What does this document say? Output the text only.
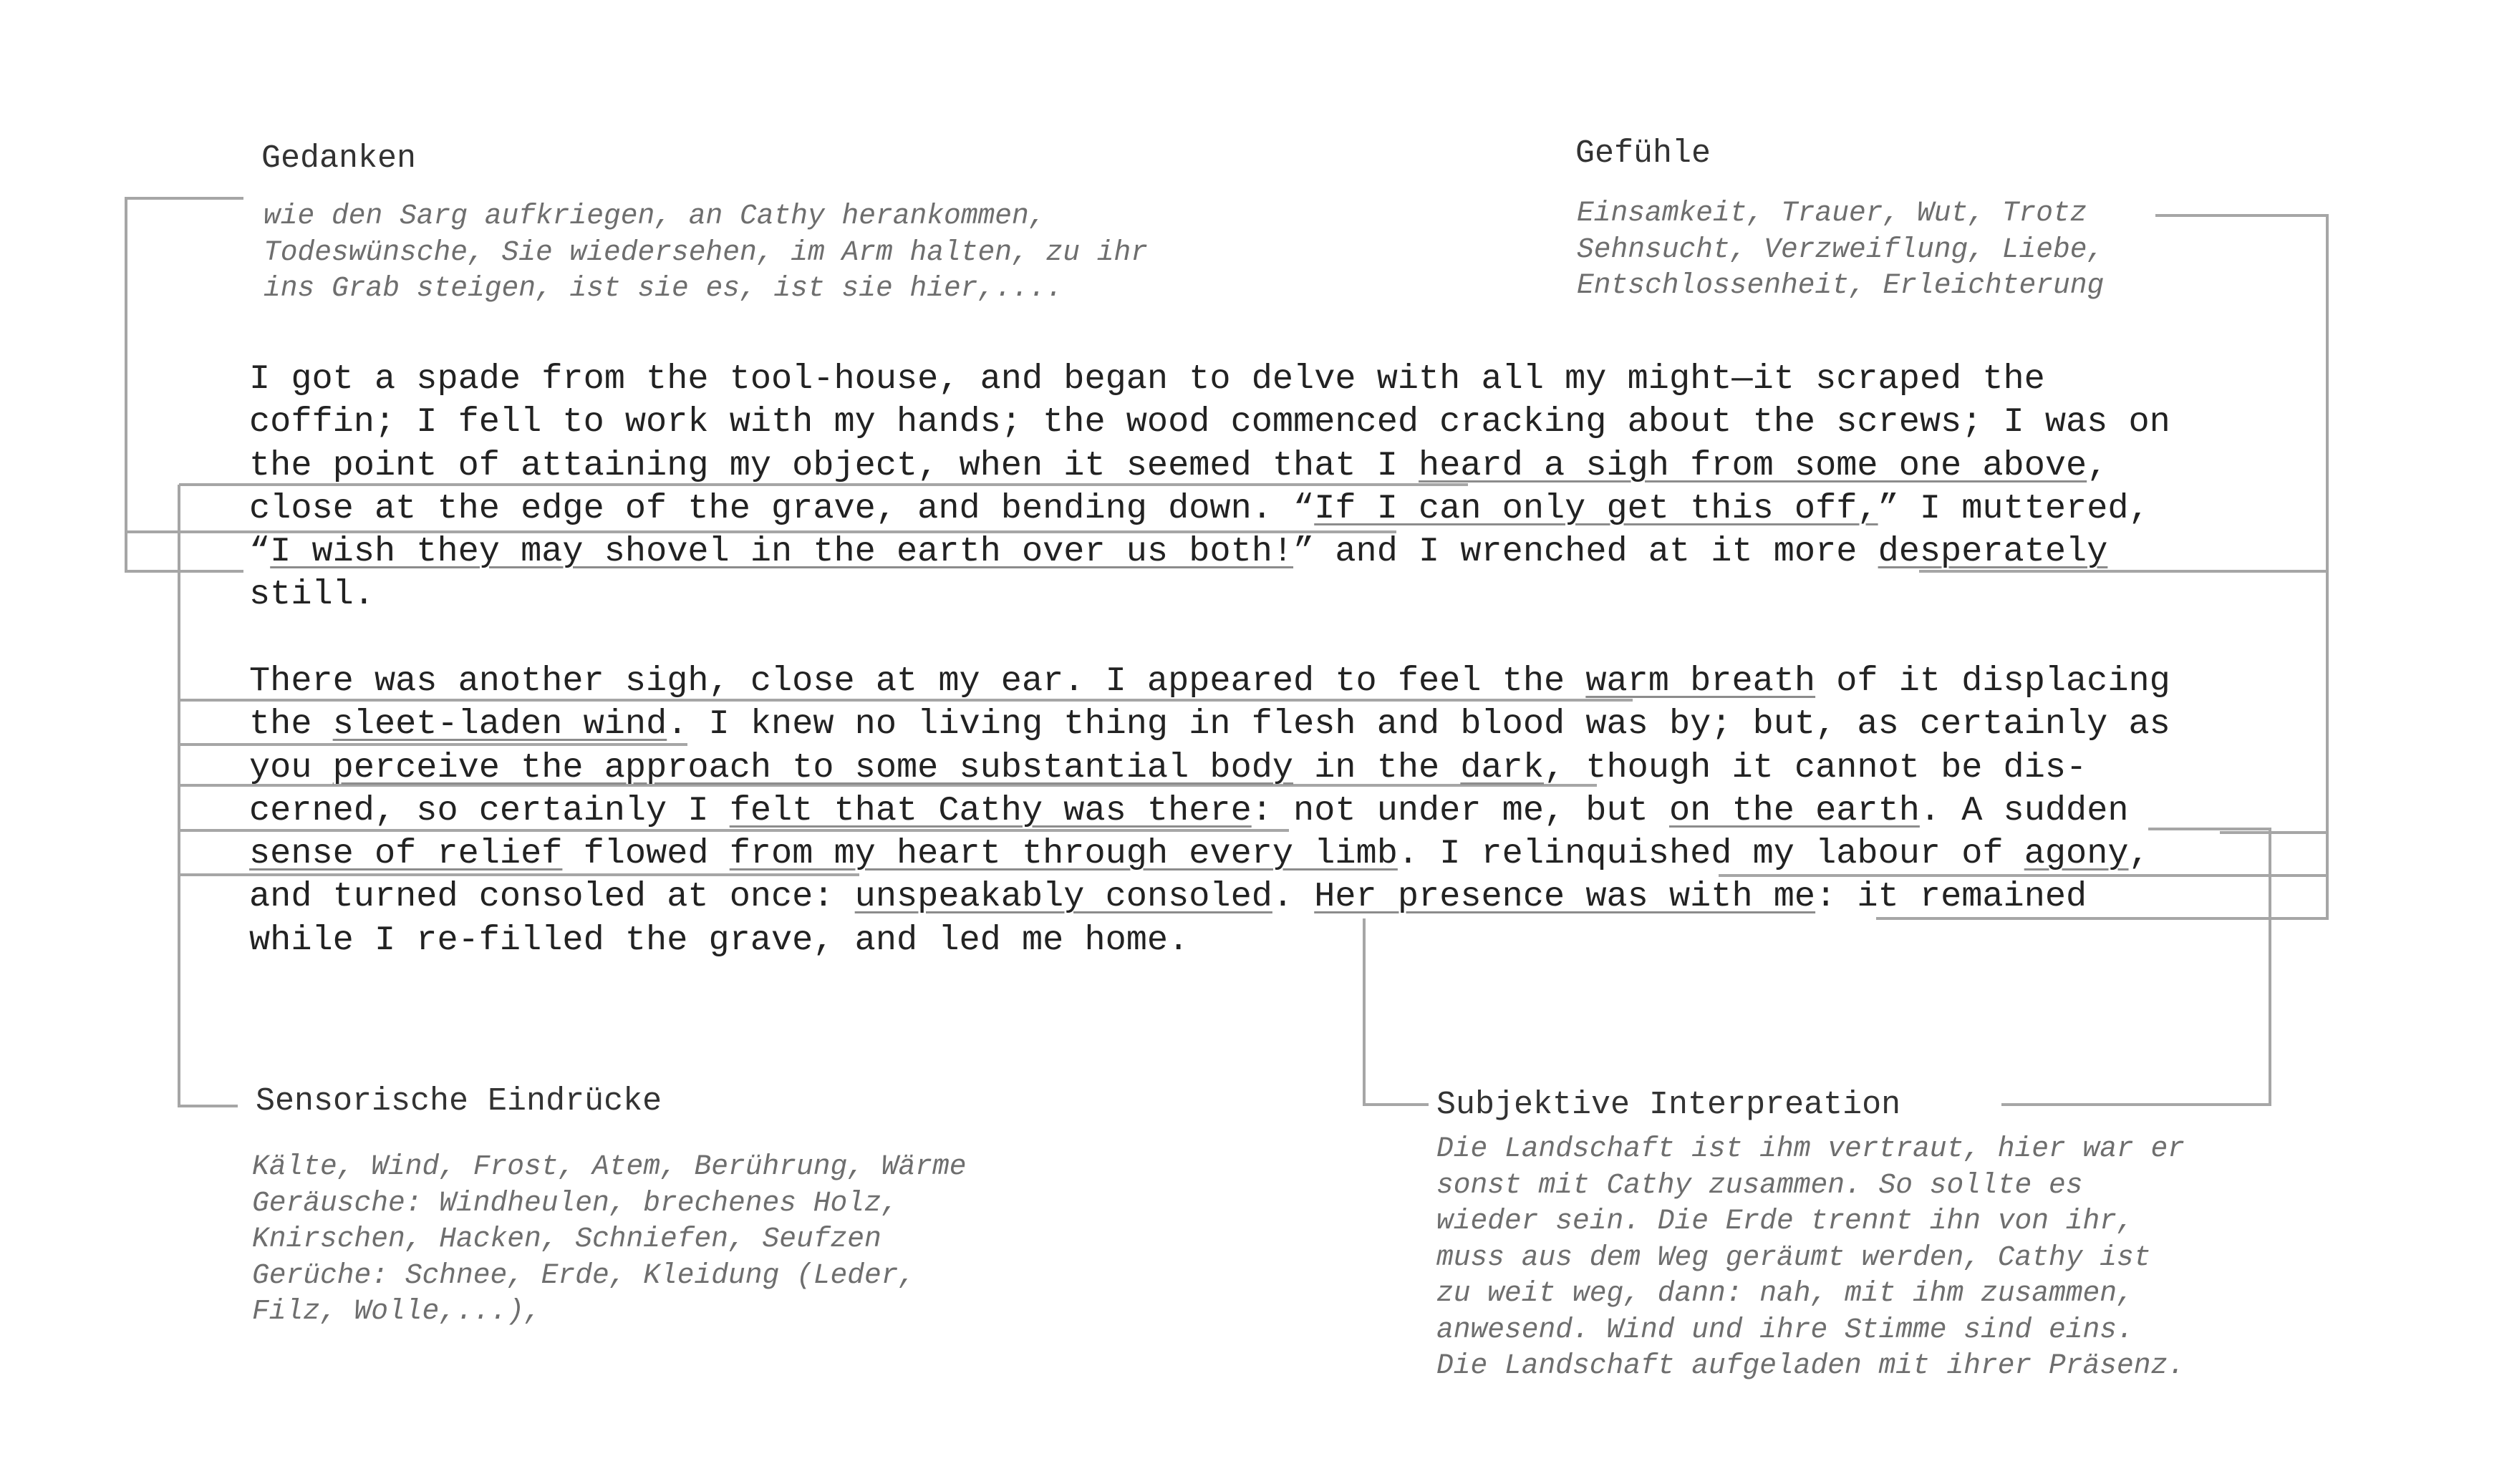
Gedanken
wie den Sarg aufkriegen, an Cathy herankommen,
Todeswünsche, Sie wiedersehen, im Arm halten, zu ihr
ins Grab steigen, ist sie es, ist sie hier,....
Gefühle
Einsamkeit, Trauer, Wut, Trotz
Sehnsucht, Verzweiflung, Liebe,
Entschlossenheit, Erleichterung
I got a spade from the tool-house, and began to delve with all my might—it scraped the
coffin; I fell to work with my hands; the wood commenced cracking about the screws; I was on
the point of attaining my object, when it seemed that I heard a sigh from some one above,
close at the edge of the grave, and bending down. “If I can only get this off,” I muttered,
“I wish they may shovel in the earth over us both!” and I wrenched at it more desperately
still.
There was another sigh, close at my ear. I appeared to feel the warm breath of it displacing
the sleet-laden wind. I knew no living thing in flesh and blood was by; but, as certainly as
you perceive the approach to some substantial body in the dark, though it cannot be dis-
cerned, so certainly I felt that Cathy was there: not under me, but on the earth. A sudden
sense of relief flowed from my heart through every limb. I relinquished my labour of agony,
and turned consoled at once: unspeakably consoled. Her presence was with me: it remained
while I re-filled the grave, and led me home.
Sensorische Eindrücke
Kälte, Wind, Frost, Atem, Berührung, Wärme
Geräusche: Windheulen, brechenes Holz,
Knirschen, Hacken, Schniefen, Seufzen
Gerüche: Schnee, Erde, Kleidung (Leder,
Filz, Wolle,...),
Subjektive Interpreation
Die Landschaft ist ihm vertraut, hier war er
sonst mit Cathy zusammen. So sollte es
wieder sein. Die Erde trennt ihn von ihr,
muss aus dem Weg geräumt werden, Cathy ist
zu weit weg, dann: nah, mit ihm zusammen,
anwesend. Wind und ihre Stimme sind eins.
Die Landschaft aufgeladen mit ihrer Präsenz.
